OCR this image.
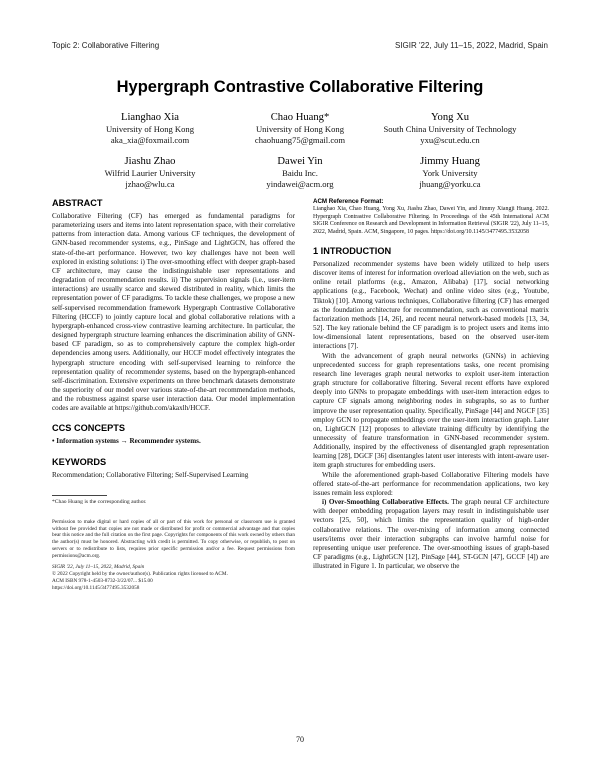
Topic 2: Collaborative Filtering	SIGIR '22, July 11–15, 2022, Madrid, Spain
Hypergraph Contrastive Collaborative Filtering
Lianghao Xia
University of Hong Kong
aka_xia@foxmail.com
Chao Huang*
University of Hong Kong
chaohuang75@gmail.com
Yong Xu
South China University of Technology
yxu@scut.edu.cn
Jiashu Zhao
Wilfrid Laurier University
jzhao@wlu.ca
Dawei Yin
Baidu Inc.
yindawei@acm.org
Jimmy Huang
York University
jhuang@yorku.ca
ABSTRACT

Collaborative Filtering (CF) has emerged as fundamental paradigms for parameterizing users and items into latent representation space, with their correlative patterns from interaction data. Among various CF techniques, the development of GNN-based recommender systems, e.g., PinSage and LightGCN, has offered the state-of-the-art performance. However, two key challenges have not been well explored in existing solutions: i) The over-smoothing effect with deeper graph-based CF architecture, may cause the indistinguishable user representations and degradation of recommendation results. ii) The supervision signals (i.e., user-item interactions) are usually scarce and skewed distributed in reality, which limits the representation power of CF paradigms. To tackle these challenges, we propose a new self-supervised recommendation framework Hypergraph Contrastive Collaborative Filtering (HCCF) to jointly capture local and global collaborative relations with a hypergraph-enhanced cross-view contrastive learning architecture. In particular, the designed hypergraph structure learning enhances the discrimination ability of GNN-based CF paradigm, so as to comprehensively capture the complex high-order dependencies among users. Additionally, our HCCF model effectively integrates the hypergraph structure encoding with self-supervised learning to reinforce the representation quality of recommender systems, based on the hypergraph-enhanced self-discrimination. Extensive experiments on three benchmark datasets demonstrate the superiority of our model over various state-of-the-art recommendation methods, and the robustness against sparse user interaction data. Our model implementation codes are available at https://github.com/akaxlh/HCCF.

CCS CONCEPTS

• Information systems → Recommender systems.

KEYWORDS

Recommendation; Collaborative Filtering; Self-Supervised Learning

*Chao Huang is the corresponding author.

Permission to make digital or hard copies of all or part of this work for personal or classroom use is granted without fee provided that copies are not made or distributed for profit or commercial advantage and that copies bear this notice and the full citation on the first page. Copyrights for components of this work owned by others than the author(s) must be honored. Abstracting with credit is permitted. To copy otherwise, or republish, to post on servers or to redistribute to lists, requires prior specific permission and/or a fee. Request permissions from permissions@acm.org.

SIGIR '22, July 11–15, 2022, Madrid, Spain
© 2022 Copyright held by the owner/author(s). Publication rights licensed to ACM.
ACM ISBN 978-1-4503-8732-3/22/07... $15.00
https://doi.org/10.1145/3477495.3532058
ACM Reference Format:

Lianghao Xia, Chao Huang, Yong Xu, Jiashu Zhao, Dawei Yin, and Jimmy Xiangji Huang. 2022. Hypergraph Contrastive Collaborative Filtering. In Proceedings of the 45th International ACM SIGIR Conference on Research and Development in Information Retrieval (SIGIR '22), July 11–15, 2022, Madrid, Spain. ACM, Singapore, 10 pages. https://doi.org/10.1145/3477495.3532058

1 INTRODUCTION

Personalized recommender systems have been widely utilized to help users discover items of interest for information overload alleviation on the web, such as online retail platforms (e.g., Amazon, Alibaba) [17], social networking applications (e.g., Facebook, Wechat) and online video sites (e.g., Youtube, Tiktok) [10]. Among various techniques, Collaborative filtering (CF) has emerged as the foundation architecture for recommendation, such as conventional matrix factorization methods [14, 26], and recent neural network-based models [13, 34, 52]. The key rationale behind the CF paradigm is to project users and items into low-dimensional latent representations, based on the observed user-item interactions [7].

With the advancement of graph neural networks (GNNs) in achieving unprecedented success for graph representations tasks, one recent promising research line leverages graph neural networks to exploit user-item interaction graph structure for collaborative filtering. Several recent efforts have explored deeply into GNNs to propagate embeddings with user-item interaction edges to capture CF signals among neighboring nodes in subgraphs, so as to further improve the user representation quality. Specifically, PinSage [44] and NGCF [35] employ GCN to propagate embeddings over the user-item interaction graph. Later on, LightGCN [12] proposes to alleviate training difficulty by identifying the unnecessity of feature transformation in GNN-based recommender system. Additionally, inspired by the effectiveness of disentangled graph representation learning [28], DGCF [36] disentangles latent user interests with intent-aware user-item graph structures for embedding users.

While the aforementioned graph-based Collaborative Filtering models have offered state-of-the-art performance for recommendation applications, two key issues remain less explored:

i) Over-Smoothing Collaborative Effects. The graph neural CF architecture with deeper embedding propagation layers may result in indistinguishable user vectors [25, 50], which limits the representation quality of high-order collaborative relations. The over-mixing of information among connected users/items over their interaction subgraphs can involve harmful noise for representing unique user preference. The over-smoothing issues of graph-based CF paradigms (e.g., LightGCN [12], PinSage [44], ST-GCN [47], GCCF [4]) are illustrated in Figure 1. In particular, we observe the

70
